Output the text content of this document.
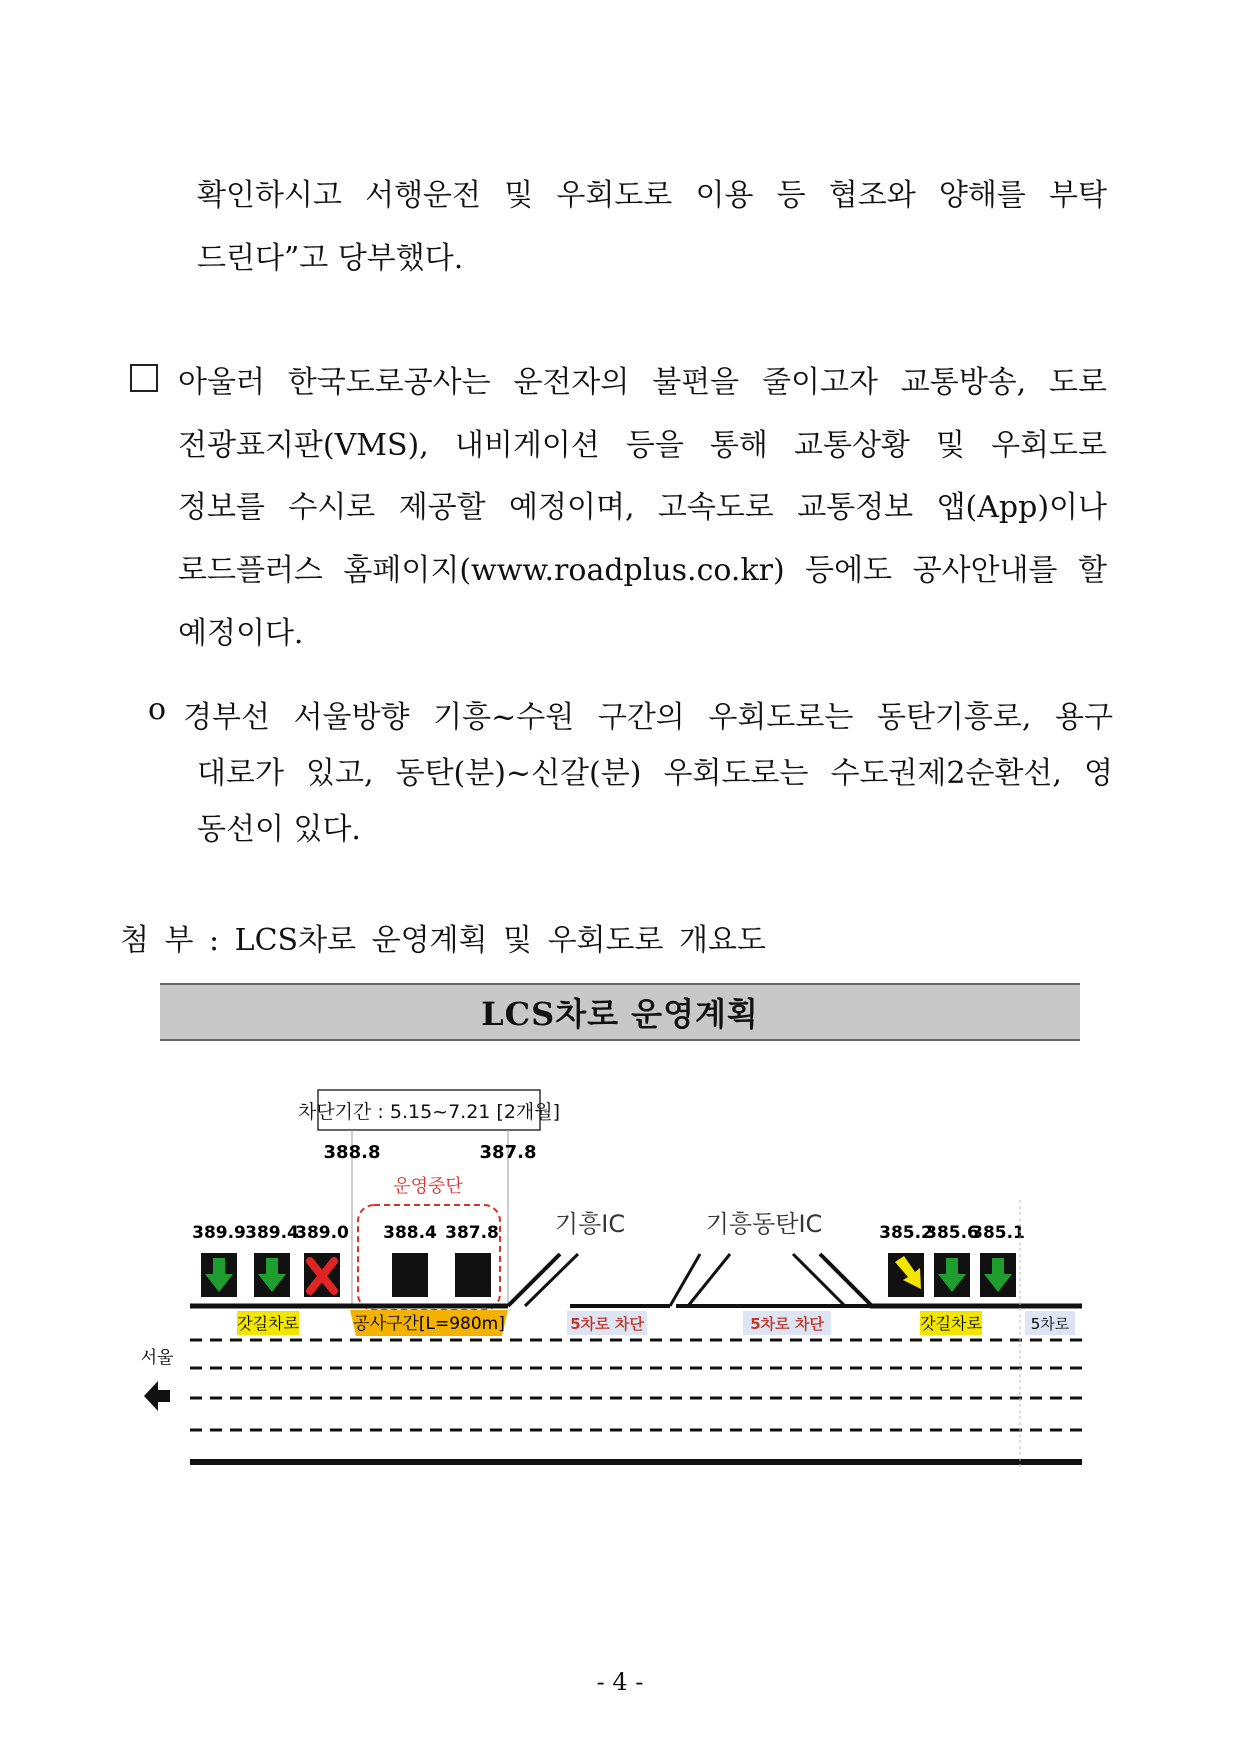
확인하시고 서행운전 및 우회도로 이용 등 협조와 양해를 부탁
드린다”고 당부했다.
아울러 한국도로공사는 운전자의 불편을 줄이고자 교통방송, 도로
전광표지판(VMS), 내비게이션 등을 통해 교통상황 및 우회도로
정보를 수시로 제공할 예정이며, 고속도로 교통정보 앱(App)이나
로드플러스 홈페이지(www.roadplus.co.kr) 등에도 공사안내를 할
예정이다.
o 경부선 서울방향 기흥~수원 구간의 우회도로는 동탄기흥로, 용구
대로가 있고, 동탄(분)~신갈(분) 우회도로는 수도권제2순환선, 영
동선이 있다.
첨 부 : LCS차로 운영계획 및 우회도로 개요도
LCS차로 운영계획
차단기간 : 5.15~7.21 [2개월]
388.8	387.8
운영중단
기흥IC	기흥동탄IC
389.9 389.4
389.0 388.4 387.8	385.2
385.6
385.1
갓길차로	공사구간[L=980m]	5차로 차단	5차로 차단	갓길차로	5차로
서울
- 4 -
